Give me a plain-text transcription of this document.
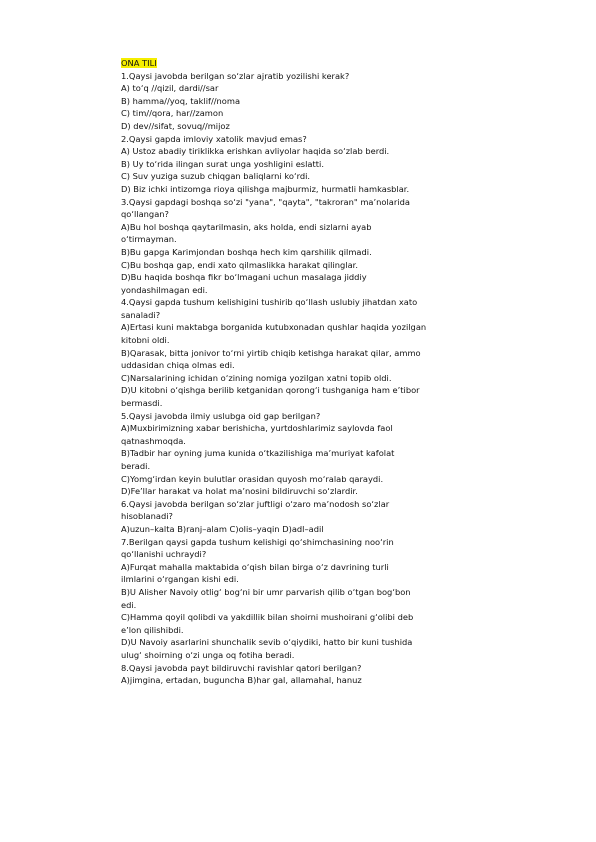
ONA TILI
1.Qaysi javobda berilgan so‘zlar ajratib yozilishi kerak?
A) to‘q //qizil, dardi//sar
B) hamma//yoq, taklif//noma
C) tim//qora, har//zamon
D) dev//sifat, sovuq//mijoz
2.Qaysi gapda imloviy xatolik mavjud emas?
A) Ustoz abadiy tiriklikka erishkan avliyolar haqida so‘zlab berdi.
B) Uy to‘rida ilingan surat unga yoshligini eslatti.
C) Suv yuziga suzub chiqgan baliqlarni ko‘rdi.
D) Biz ichki intizomga rioya qilishga majburmiz, hurmatli hamkasblar.
3.Qaysi gapdagi boshqa so‘zi "yana", "qayta", "takroran" ma’nolarida
qo‘llangan?
A)Bu hol boshqa qaytarilmasin, aks holda, endi sizlarni ayab
o‘tirmayman.
B)Bu gapga Karimjondan boshqa hech kim qarshilik qilmadi.
C)Bu boshqa gap, endi xato qilmaslikka harakat qilinglar.
D)Bu haqida boshqa fikr bo‘lmagani uchun masalaga jiddiy
yondashilmagan edi.
4.Qaysi gapda tushum kelishigini tushirib qo‘llash uslubiy jihatdan xato
sanaladi?
A)Ertasi kuni maktabga borganida kutubxonadan qushlar haqida yozilgan
kitobni oldi.
B)Qarasak, bitta jonivor to‘rni yirtib chiqib ketishga harakat qilar, ammo
uddasidan chiqa olmas edi.
C)Narsalarining ichidan o‘zining nomiga yozilgan xatni topib oldi.
D)U kitobni o‘qishga berilib ketganidan qorong‘i tushganiga ham e’tibor
bermasdi.
5.Qaysi javobda ilmiy uslubga oid gap berilgan?
A)Muxbirimizning xabar berishicha, yurtdoshlarimiz saylovda faol
qatnashmoqda.
B)Tadbir har oyning juma kunida o‘tkazilishiga ma’muriyat kafolat
beradi.
C)Yomg‘irdan keyin bulutlar orasidan quyosh mo‘ralab qaraydi.
D)Fe’llar harakat va holat ma’nosini bildiruvchi so‘zlardir.
6.Qaysi javobda berilgan so‘zlar juftligi o‘zaro ma’nodosh so‘zlar
hisoblanadi?
A)uzun–kalta B)ranj–alam C)olis–yaqin D)adl–adil
7.Berilgan qaysi gapda tushum kelishigi qo‘shimchasining noo‘rin
qo‘llanishi uchraydi?
A)Furqat mahalla maktabida o‘qish bilan birga o‘z davrining turli
ilmlarini o‘rgangan kishi edi.
B)U Alisher Navoiy otlig‘ bog‘ni bir umr parvarish qilib o‘tgan bog‘bon
edi.
C)Hamma qoyil qolibdi va yakdillik bilan shoirni mushoirani g‘olibi deb
e’lon qilishibdi.
D)U Navoiy asarlarini shunchalik sevib o‘qiydiki, hatto bir kuni tushida
ulug‘ shoirning o‘zi unga oq fotiha beradi.
8.Qaysi javobda payt bildiruvchi ravishlar qatori berilgan?
A)jimgina, ertadan, buguncha B)har gal, allamahal, hanuz
